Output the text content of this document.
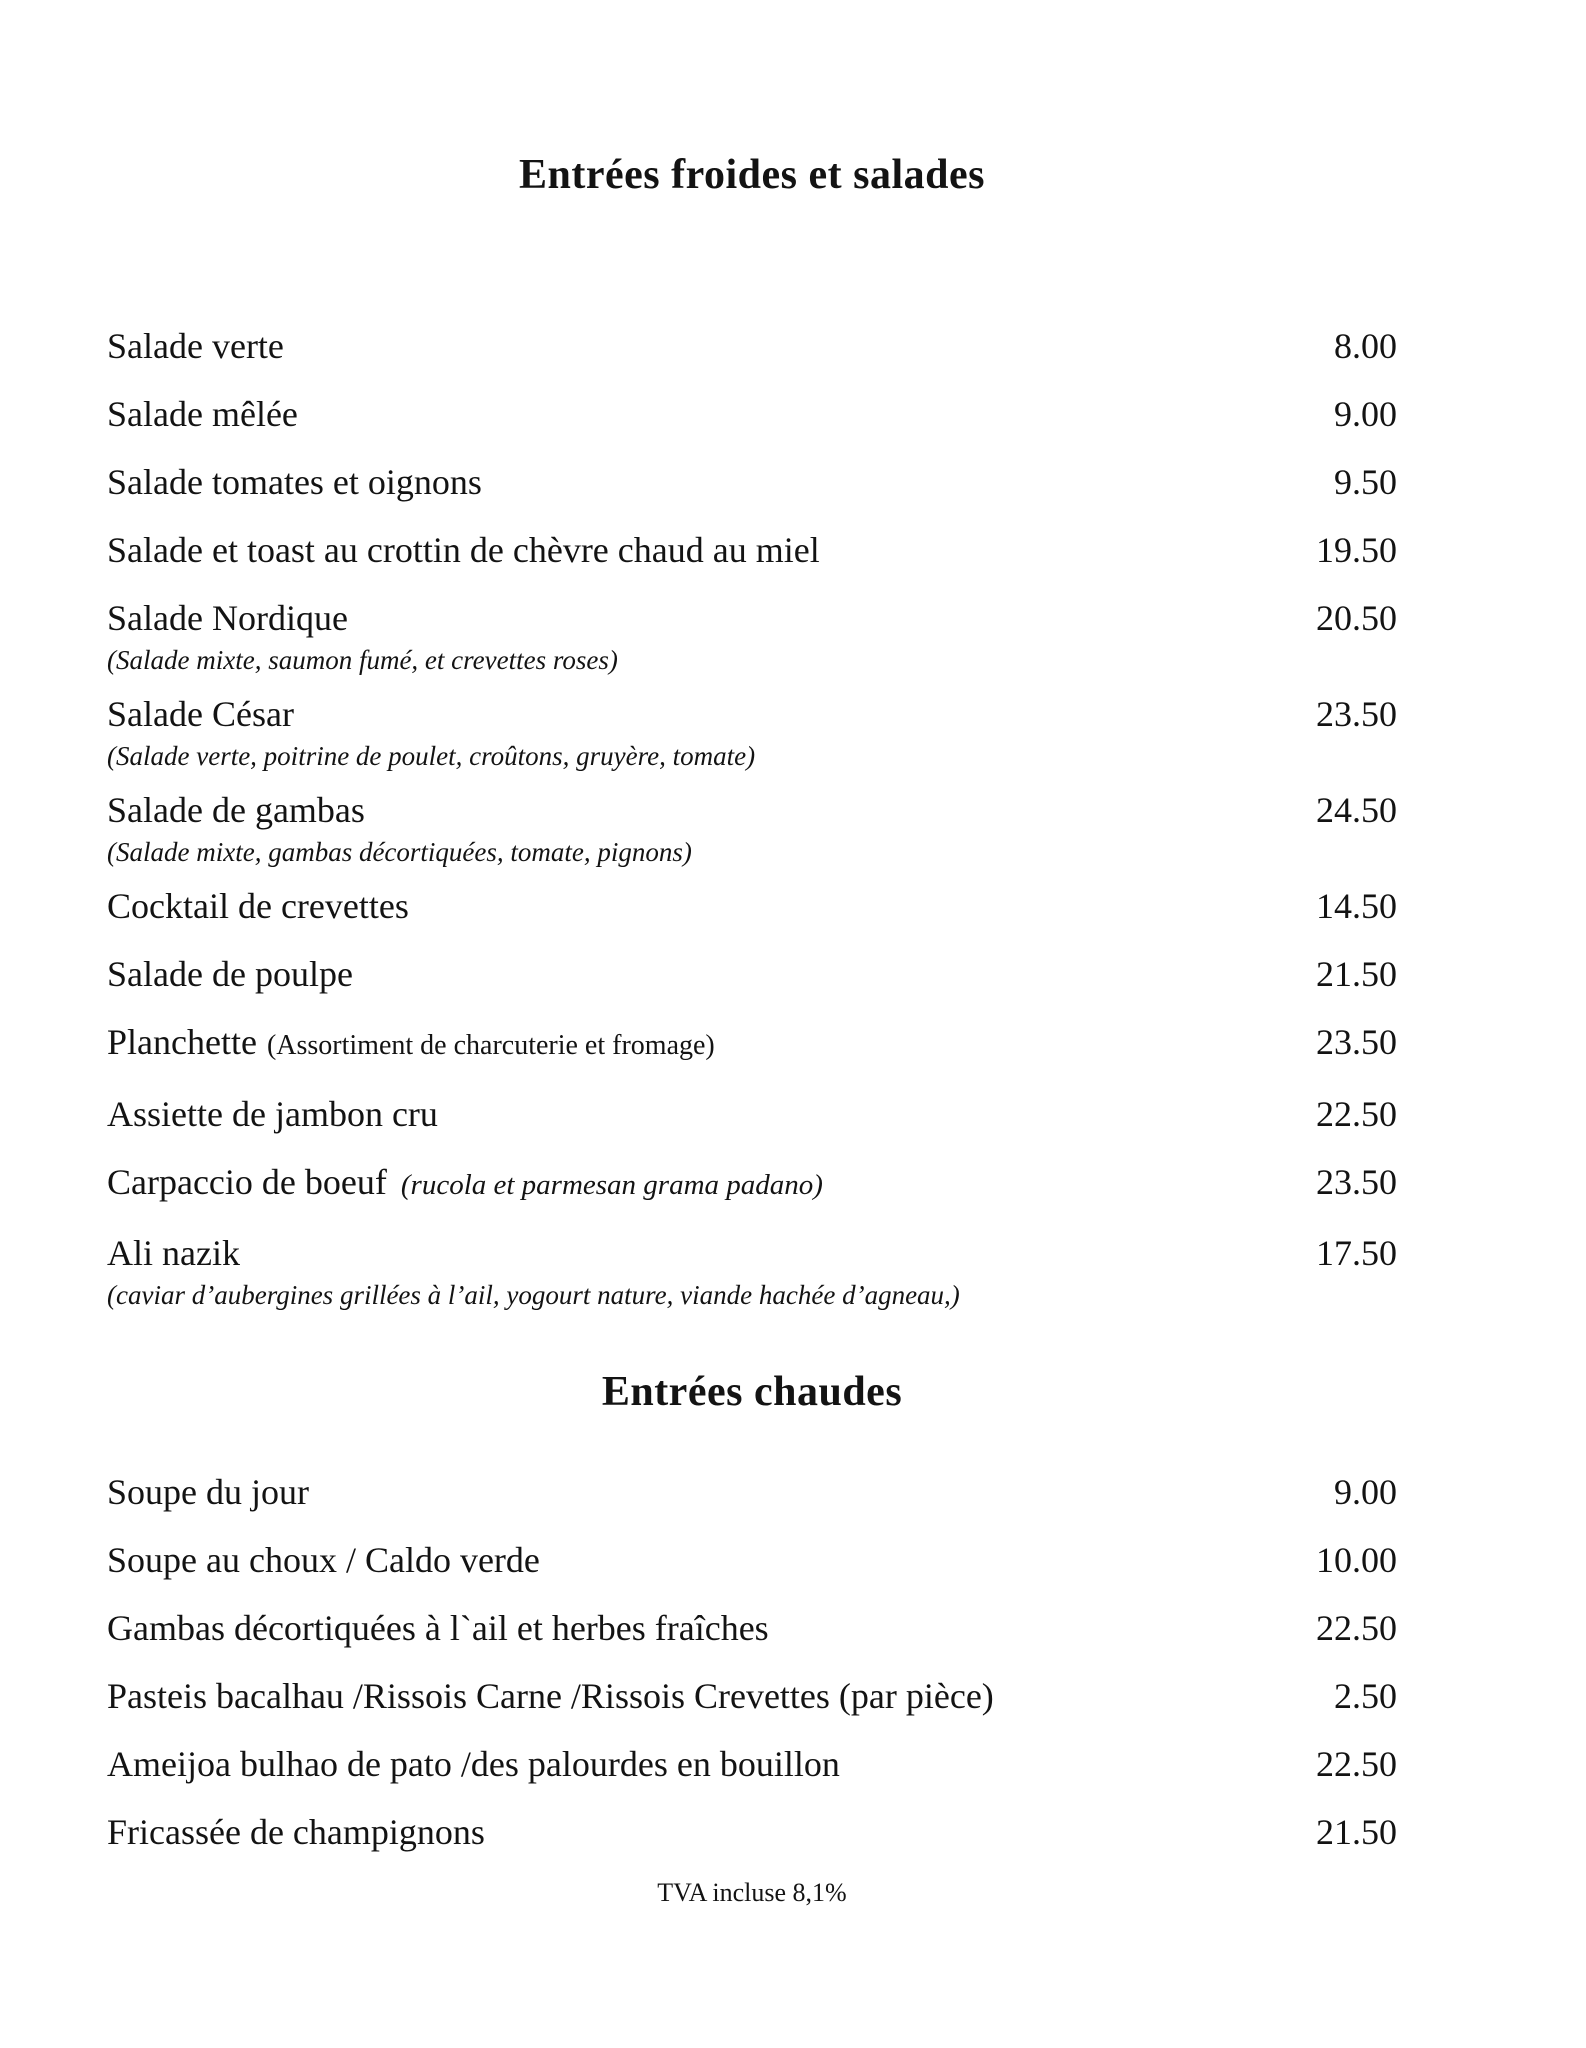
Entrées froides et salades
Salade verte	8.00
Salade mêlée	9.00
Salade tomates et oignons	9.50
Salade et toast au crottin de chèvre chaud au miel	19.50
Salade Nordique	20.50
(Salade mixte, saumon fumé, et crevettes roses)
Salade César	23.50
(Salade verte, poitrine de poulet, croûtons, gruyère, tomate)
Salade de gambas	24.50
(Salade mixte, gambas décortiquées, tomate, pignons)
Cocktail de crevettes	14.50
Salade de poulpe	21.50
Planchette (Assortiment de charcuterie et fromage)	23.50
Assiette de jambon cru	22.50
Carpaccio de boeuf (rucola et parmesan grama padano)	23.50
Ali nazik	17.50
(caviar d’aubergines grillées à l’ail, yogourt nature, viande hachée d’agneau,)
Entrées chaudes
Soupe du jour	9.00
Soupe au choux / Caldo verde	10.00
Gambas décortiquées à l`ail et herbes fraîches	22.50
Pasteis bacalhau /Rissois Carne /Rissois Crevettes (par pièce)	2.50
Ameijoa bulhao de pato /des palourdes en bouillon	22.50
Fricassée de champignons	21.50
TVA incluse 8,1%
